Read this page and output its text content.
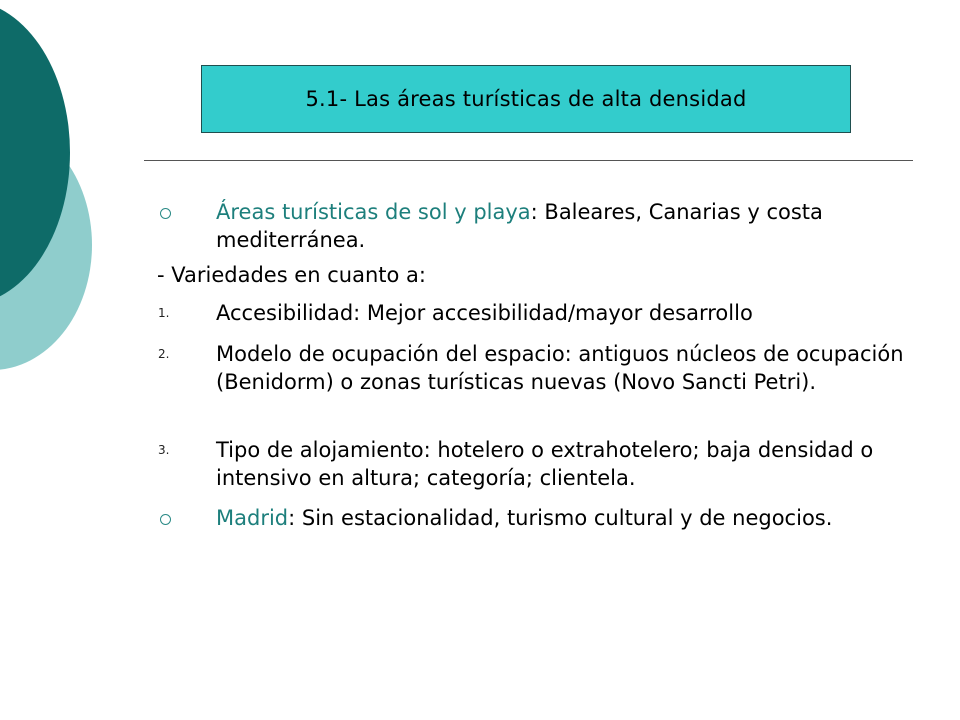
5.1- Las áreas turísticas de alta densidad
Áreas turísticas de sol y playa: Baleares, Canarias y costa mediterránea.
- Variedades en cuanto a:
1. Accesibilidad: Mejor accesibilidad/mayor desarrollo
2. Modelo de ocupación del espacio: antiguos núcleos de ocupación (Benidorm) o zonas turísticas nuevas (Novo Sancti Petri).
3. Tipo de alojamiento: hotelero o extrahotelero; baja densidad o intensivo en altura; categoría; clientela.
Madrid: Sin estacionalidad, turismo cultural y de negocios.
